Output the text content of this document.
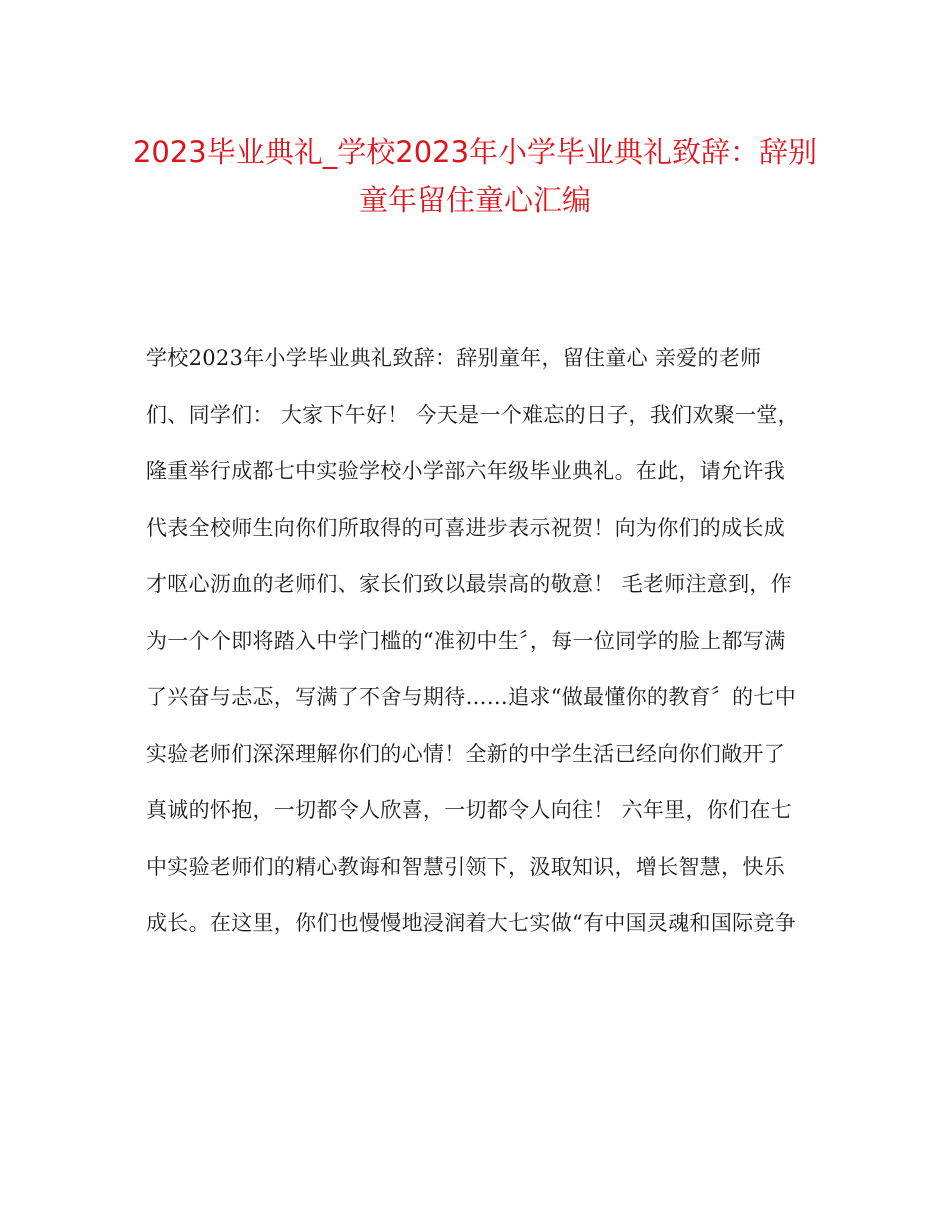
2023毕业典礼_学校2023年小学毕业典礼致辞：辞别
童年留住童心汇编
学校2023年小学毕业典礼致辞：辞别童年，留住童心 亲爱的老师
们、同学们： 大家下午好！ 今天是一个难忘的日子，我们欢聚一堂，
隆重举行成都七中实验学校小学部六年级毕业典礼。在此，请允许我
代表全校师生向你们所取得的可喜进步表示祝贺！向为你们的成长成
才呕心沥血的老师们、家长们致以最崇高的敬意！ 毛老师注意到，作
为一个个即将踏入中学门槛的“准初中生〞，每一位同学的脸上都写满
了兴奋与忐忑，写满了不舍与期待……追求“做最懂你的教育〞的七中
实验老师们深深理解你们的心情！全新的中学生活已经向你们敞开了
真诚的怀抱，一切都令人欣喜，一切都令人向往！ 六年里，你们在七
中实验老师们的精心教诲和智慧引领下，汲取知识，增长智慧，快乐
成长。在这里，你们也慢慢地浸润着大七实做“有中国灵魂和国际竞争
